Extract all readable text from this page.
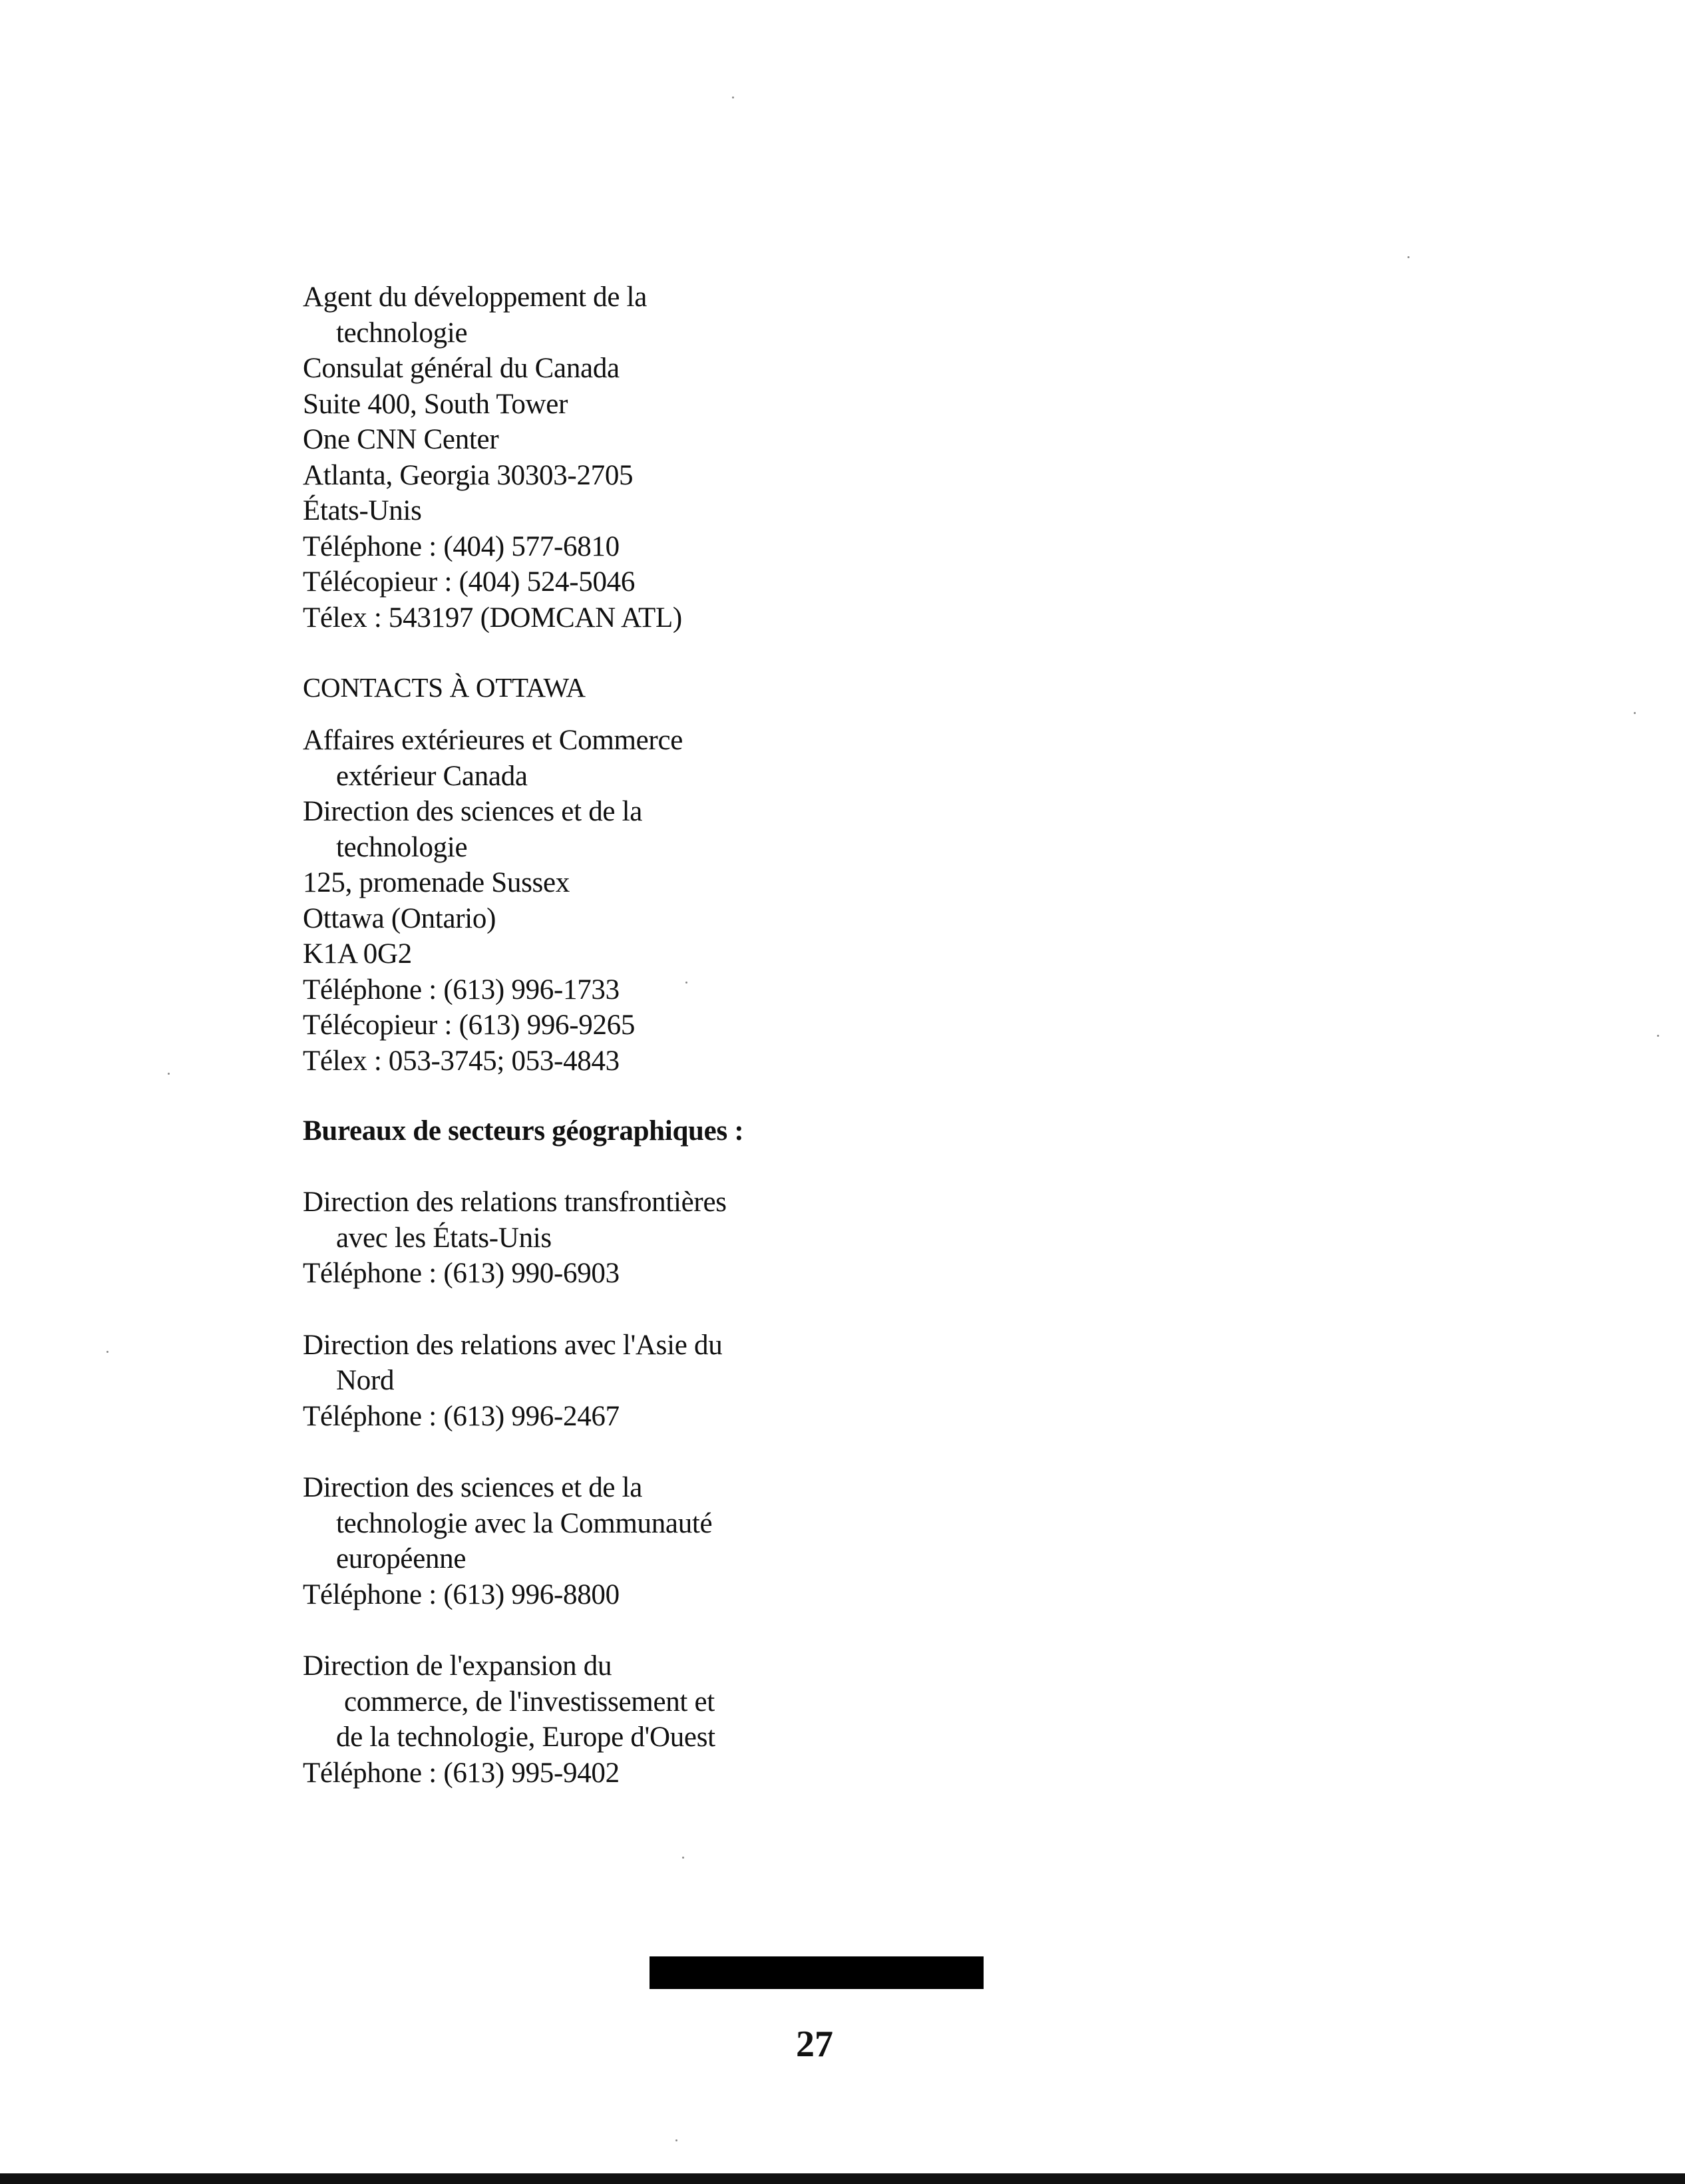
Agent du développement de la
technologie
Consulat général du Canada
Suite 400, South Tower
One CNN Center
Atlanta, Georgia 30303-2705
États-Unis
Téléphone : (404) 577-6810
Télécopieur : (404) 524-5046
Télex : 543197 (DOMCAN ATL)
CONTACTS À OTTAWA
Affaires extérieures et Commerce
extérieur Canada
Direction des sciences et de la
technologie
125, promenade Sussex
Ottawa (Ontario)
K1A 0G2
Téléphone : (613) 996-1733
Télécopieur : (613) 996-9265
Télex : 053-3745; 053-4843
Bureaux de secteurs géographiques :
Direction des relations transfrontières
avec les États-Unis
Téléphone : (613) 990-6903
Direction des relations avec l'Asie du
Nord
Téléphone : (613) 996-2467
Direction des sciences et de la
technologie avec la Communauté
européenne
Téléphone : (613) 996-8800
Direction de l'expansion du
commerce, de l'investissement et
de la technologie, Europe d'Ouest
Téléphone : (613) 995-9402
27
